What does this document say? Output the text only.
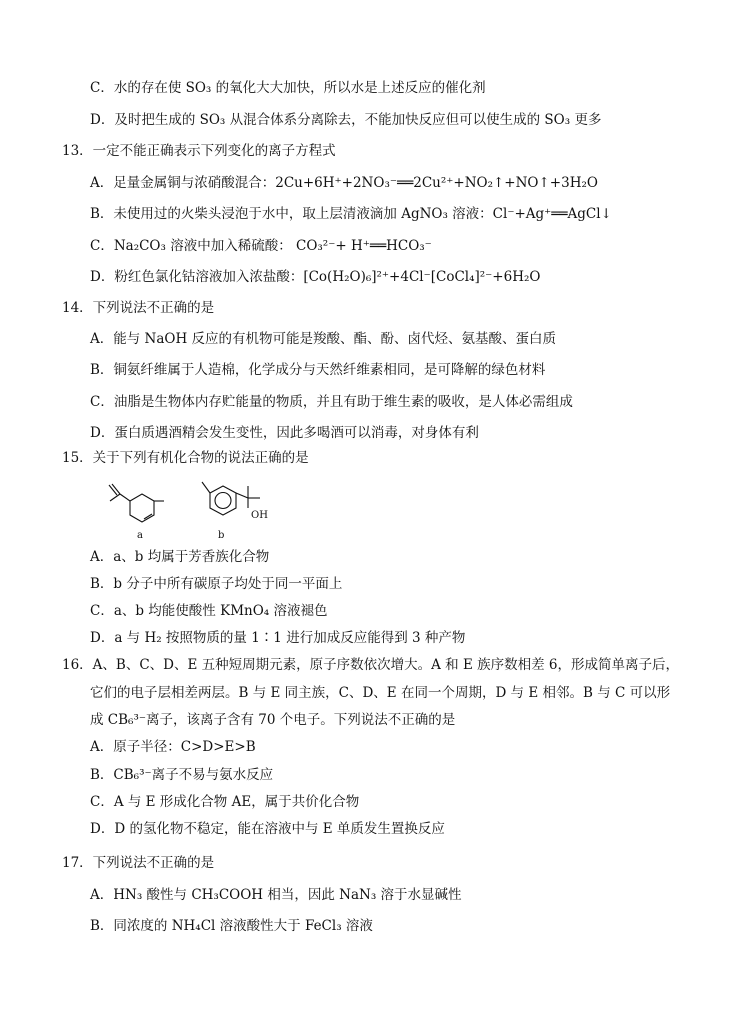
C．水的存在使 SO₃ 的氧化大大加快，所以水是上述反应的催化剂
D．及时把生成的 SO₃ 从混合体系分离除去，不能加快反应但可以使生成的 SO₃ 更多
13．一定不能正确表示下列变化的离子方程式
A．足量金属铜与浓硝酸混合：2Cu+6H⁺+2NO₃⁻══2Cu²⁺+NO₂↑+NO↑+3H₂O
B．未使用过的火柴头浸泡于水中，取上层清液滴加 AgNO₃ 溶液：Cl⁻+Ag⁺══AgCl↓
C．Na₂CO₃ 溶液中加入稀硫酸： CO₃²⁻+ H⁺══HCO₃⁻
D．粉红色氯化钴溶液加入浓盐酸：[Co(H₂O)₆]²⁺+4Cl⁻[CoCl₄]²⁻+6H₂O
14．下列说法不正确的是
A．能与 NaOH 反应的有机物可能是羧酸、酯、酚、卤代烃、氨基酸、蛋白质
B．铜氨纤维属于人造棉，化学成分与天然纤维素相同，是可降解的绿色材料
C．油脂是生物体内存贮能量的物质，并且有助于维生素的吸收，是人体必需组成
D．蛋白质遇酒精会发生变性，因此多喝酒可以消毒，对身体有利
15．关于下列有机化合物的说法正确的是
OH
a	b
A．a、b 均属于芳香族化合物
B．b 分子中所有碳原子均处于同一平面上
C．a、b 均能使酸性 KMnO₄ 溶液褪色
D．a 与 H₂ 按照物质的量 1∶1 进行加成反应能得到 3 种产物
16．A、B、C、D、E 五种短周期元素，原子序数依次增大。A 和 E 族序数相差 6，形成简单离子后，
它们的电子层相差两层。B 与 E 同主族，C、D、E 在同一个周期，D 与 E 相邻。B 与 C 可以形
成 CB₆³⁻离子，该离子含有 70 个电子。下列说法不正确的是
A．原子半径：C>D>E>B
B．CB₆³⁻离子不易与氨水反应
C．A 与 E 形成化合物 AE，属于共价化合物
D．D 的氢化物不稳定，能在溶液中与 E 单质发生置换反应
17．下列说法不正确的是
A．HN₃ 酸性与 CH₃COOH 相当，因此 NaN₃ 溶于水显碱性
B．同浓度的 NH₄Cl 溶液酸性大于 FeCl₃ 溶液
